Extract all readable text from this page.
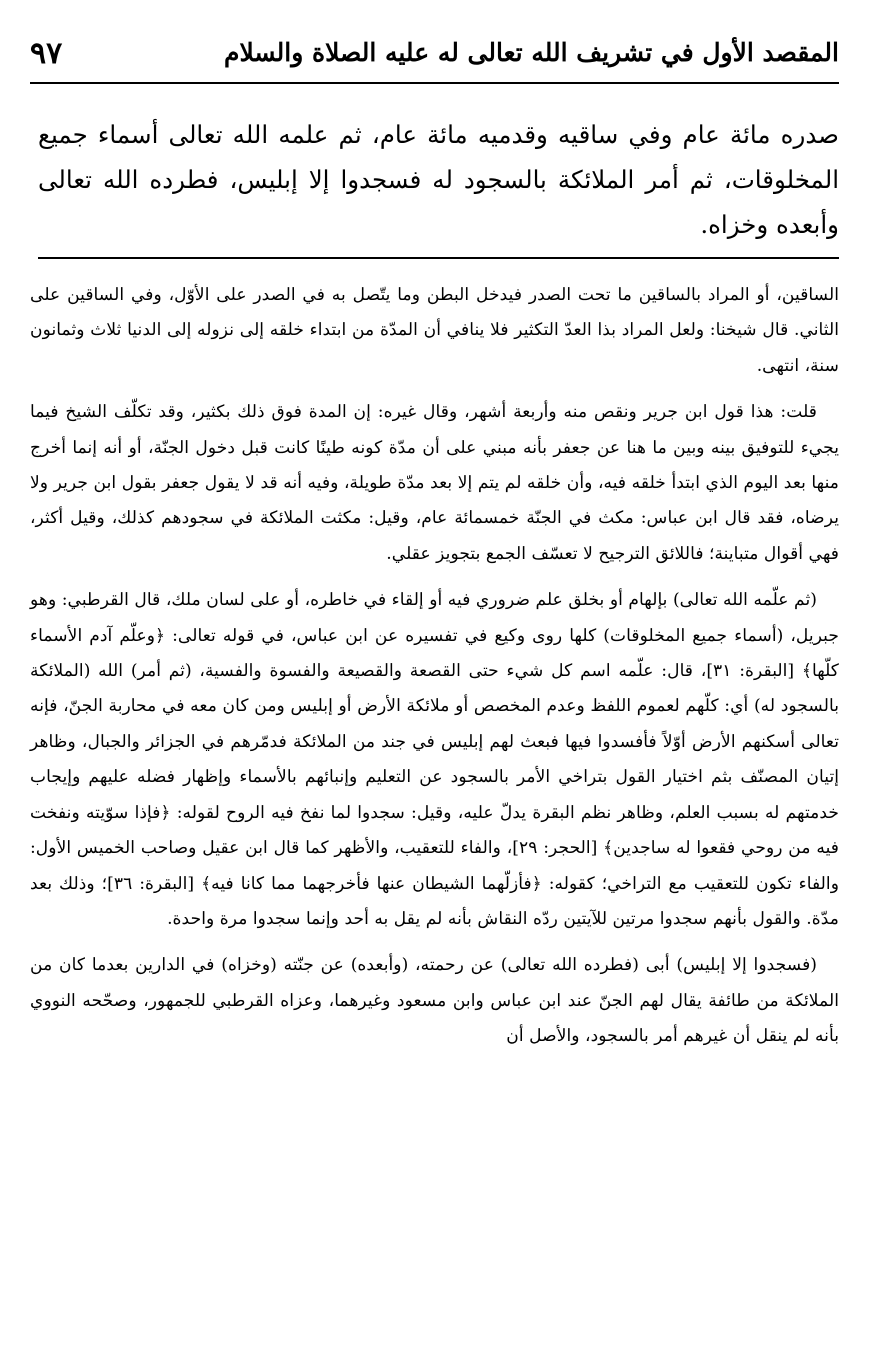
المقصد الأول في تشريف الله تعالى له عليه الصلاة والسلام
٩٧
صدره مائة عام وفي ساقيه وقدميه مائة عام، ثم علمه الله تعالى أسماء جميع المخلوقات، ثم أمر الملائكة بالسجود له فسجدوا إلا إبليس، فطرده الله تعالى وأبعده وخزاه.

الساقين، أو المراد بالساقين ما تحت الصدر فيدخل البطن وما يتّصل به في الصدر على الأوّل، وفي الساقين على الثاني. قال شيخنا: ولعل المراد بذا العدّ التكثير فلا ينافي أن المدّة من ابتداء خلقه إلى نزوله إلى الدنيا ثلاث وثمانون سنة، انتهى.

قلت: هذا قول ابن جرير ونقص منه وأربعة أشهر، وقال غيره: إن المدة فوق ذلك بكثير، وقد تكلّف الشيخ فيما يجيء للتوفيق بينه وبين ما هنا عن جعفر بأنه مبني على أن مدّة كونه طينًا كانت قبل دخول الجنّة، أو أنه إنما أخرج منها بعد اليوم الذي ابتدأ خلقه فيه، وأن خلقه لم يتم إلا بعد مدّة طويلة، وفيه أنه قد لا يقول جعفر بقول ابن جرير ولا يرضاه، فقد قال ابن عباس: مكث في الجنّة خمسمائة عام، وقيل: مكثت الملائكة في سجودهم كذلك، وقيل أكثر، فهي أقوال متباينة؛ فاللائق الترجيح لا تعسّف الجمع بتجويز عقلي.

(ثم علّمه الله تعالى) بإلهام أو بخلق علم ضروري فيه أو إلقاء في خاطره، أو على لسان ملك، قال القرطبي: وهو جبريل، (أسماء جميع المخلوقات) كلها روى وكيع في تفسيره عن ابن عباس، في قوله تعالى: ﴿وعلّم آدم الأسماء كلّها﴾ [البقرة: ٣١]، قال: علّمه اسم كل شيء حتى القصعة والقصيعة والفسوة والفسية، (ثم أمر) الله (الملائكة بالسجود له) أي: كلّهم لعموم اللفظ وعدم المخصص أو ملائكة الأرض أو إبليس ومن كان معه في محاربة الجنّ، فإنه تعالى أسكنهم الأرض أوّلاً فأفسدوا فيها فبعث لهم إبليس في جند من الملائكة فدمّرهم في الجزائر والجبال، وظاهر إتيان المصنّف بثم اختيار القول بتراخي الأمر بالسجود عن التعليم وإنبائهم بالأسماء وإظهار فضله عليهم وإيجاب خدمتهم له بسبب العلم، وظاهر نظم البقرة يدلّ عليه، وقيل: سجدوا لما نفخ فيه الروح لقوله: ﴿فإذا سوّيته ونفخت فيه من روحي فقعوا له ساجدين﴾ [الحجر: ٢٩]، والفاء للتعقيب، والأظهر كما قال ابن عقيل وصاحب الخميس الأول: والفاء تكون للتعقيب مع التراخي؛ كقوله: ﴿فأزلّهما الشيطان عنها فأخرجهما مما كانا فيه﴾ [البقرة: ٣٦]؛ وذلك بعد مدّة. والقول بأنهم سجدوا مرتين للآيتين ردّه النقاش بأنه لم يقل به أحد وإنما سجدوا مرة واحدة.

(فسجدوا إلا إبليس) أبى (فطرده الله تعالى) عن رحمته، (وأبعده) عن جنّته (وخزاه) في الدارين بعدما كان من الملائكة من طائفة يقال لهم الجنّ عند ابن عباس وابن مسعود وغيرهما، وعزاه القرطبي للجمهور، وصحّحه النووي بأنه لم ينقل أن غيرهم أمر بالسجود، والأصل أن
